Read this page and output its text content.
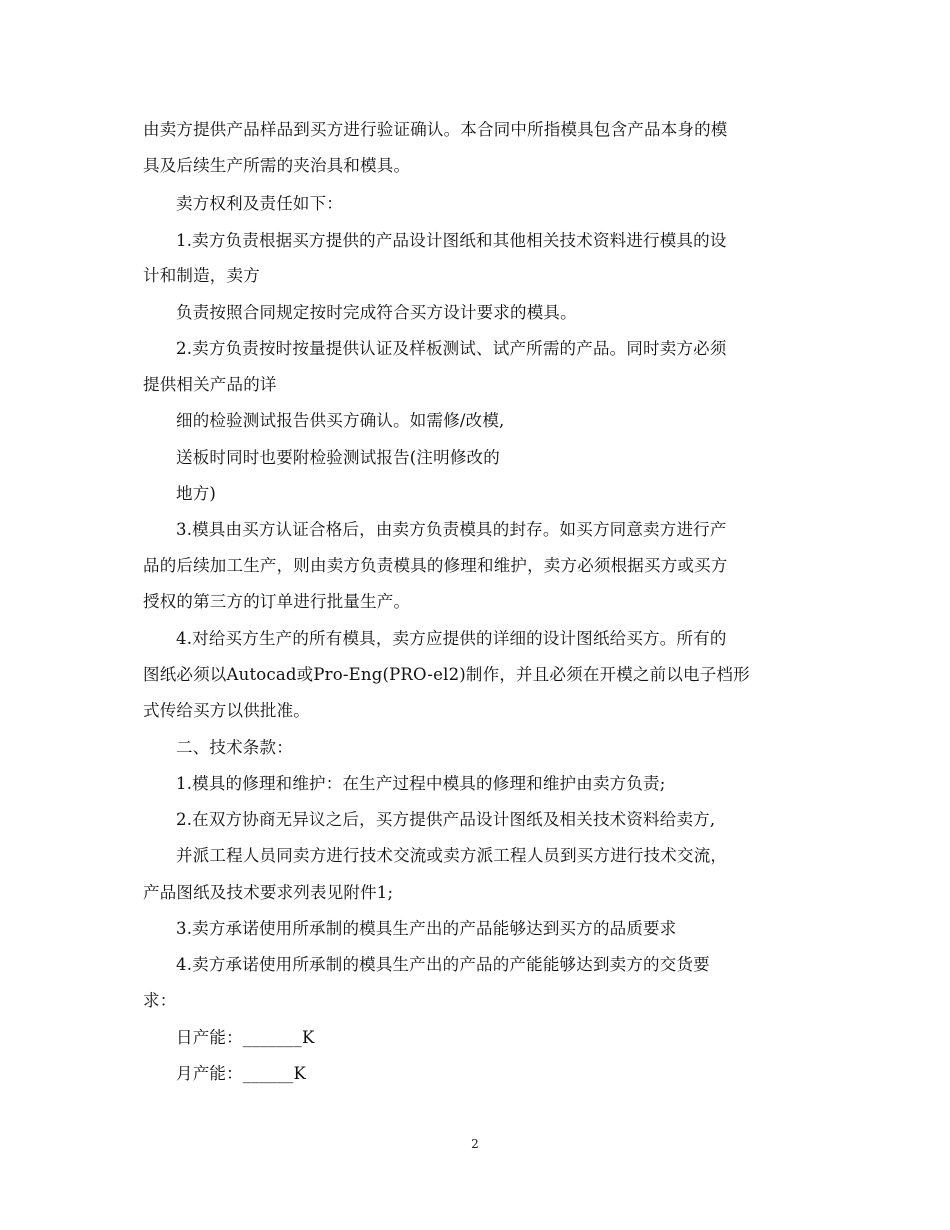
由卖方提供产品样品到买方进行验证确认。本合同中所指模具包含产品本身的模
具及后续生产所需的夹治具和模具。
卖方权利及责任如下：
1.卖方负责根据买方提供的产品设计图纸和其他相关技术资料进行模具的设
计和制造，卖方
负责按照合同规定按时完成符合买方设计要求的模具。
2.卖方负责按时按量提供认证及样板测试、试产所需的产品。同时卖方必须
提供相关产品的详
细的检验测试报告供买方确认。如需修/改模,
送板时同时也要附检验测试报告(注明修改的
地方)
3.模具由买方认证合格后，由卖方负责模具的封存。如买方同意卖方进行产
品的后续加工生产，则由卖方负责模具的修理和维护，卖方必须根据买方或买方
授权的第三方的订单进行批量生产。
4.对给买方生产的所有模具，卖方应提供的详细的设计图纸给买方。所有的
图纸必须以Autocad或Pro-Eng(PRO-el2)制作，并且必须在开模之前以电子档形
式传给买方以供批准。
二、技术条款：
1.模具的修理和维护：在生产过程中模具的修理和维护由卖方负责;
2.在双方协商无异议之后，买方提供产品设计图纸及相关技术资料给卖方,
并派工程人员同卖方进行技术交流或卖方派工程人员到买方进行技术交流，
产品图纸及技术要求列表见附件1;
3.卖方承诺使用所承制的模具生产出的产品能够达到买方的品质要求
4.卖方承诺使用所承制的模具生产出的产品的产能能够达到卖方的交货要
求：
日产能：_______K
月产能：______K
2
